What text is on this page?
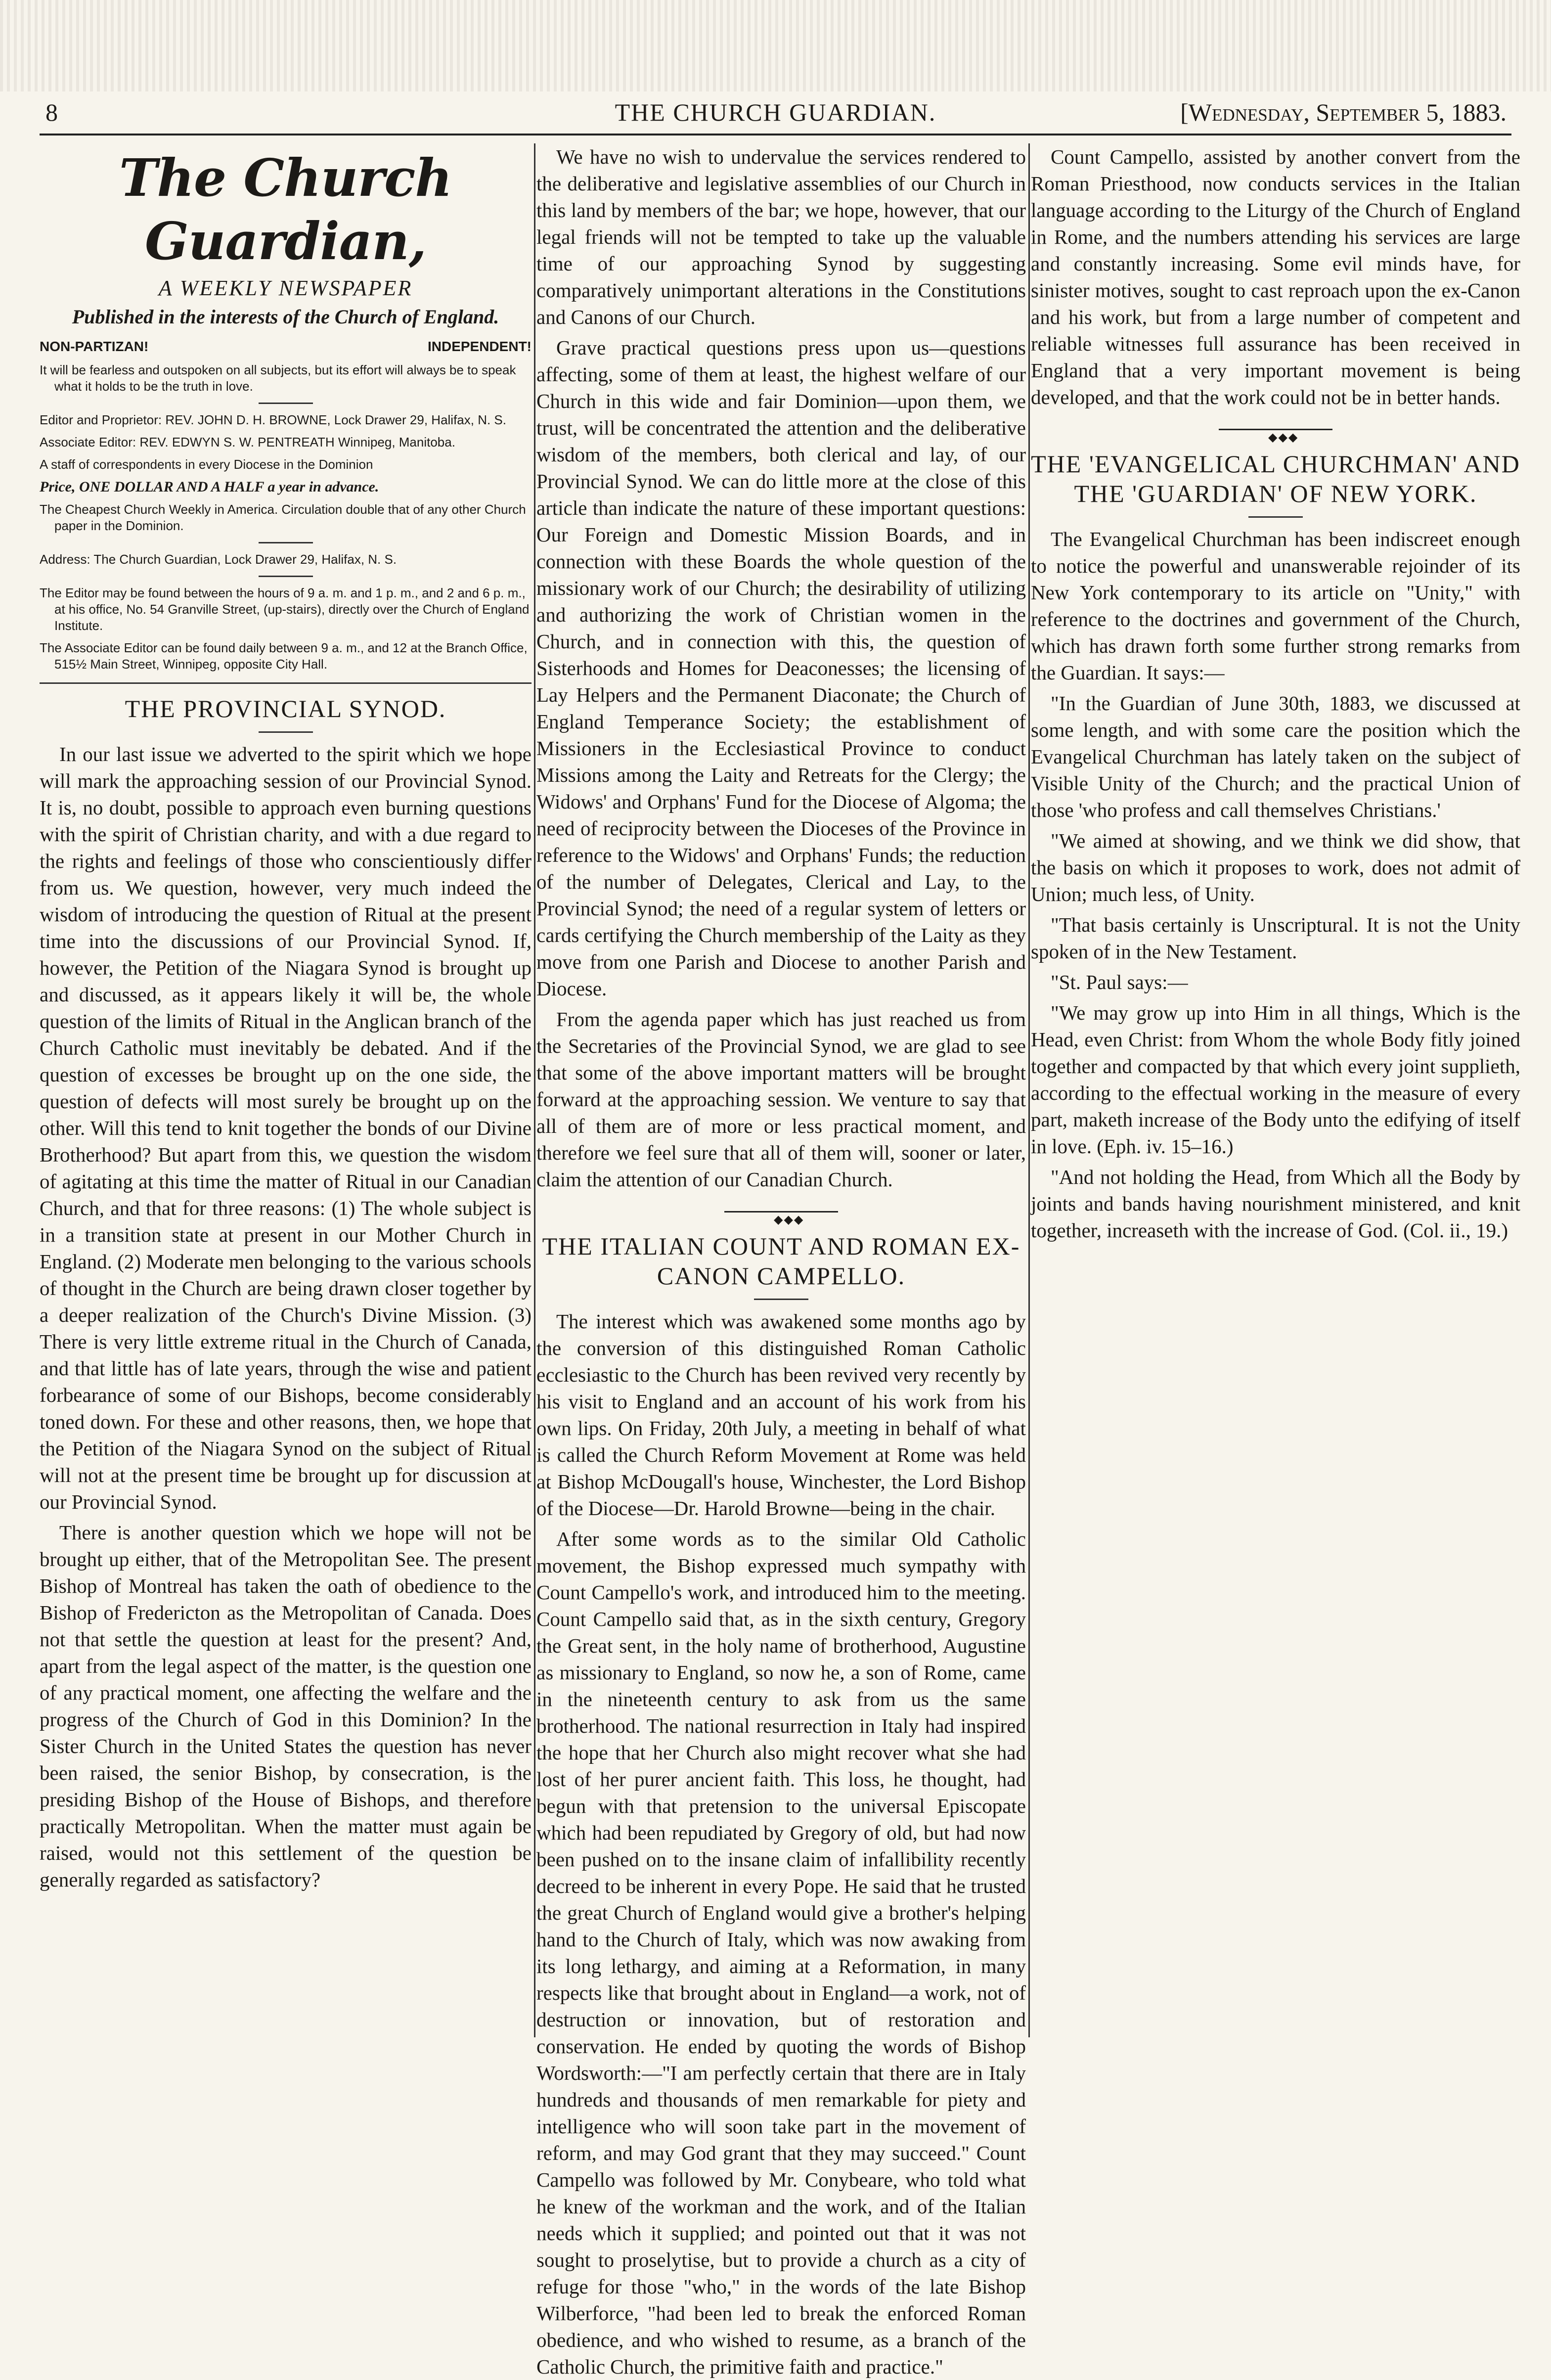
8	THE CHURCH GUARDIAN.	[Wednesday, September 5, 1883.
The Church Guardian,
A WEEKLY NEWSPAPER
Published in the interests of the Church of England.
NON-PARTIZAN!	INDEPENDENT!
It will be fearless and outspoken on all subjects, but its effort will always be to speak what it holds to be the truth in love.
Editor and Proprietor: REV. JOHN D. H. BROWNE, Lock Drawer 29, Halifax, N. S.
Associate Editor: REV. EDWYN S. W. PENTREATH Winnipeg, Manitoba.
A staff of correspondents in every Diocese in the Dominion
Price, ONE DOLLAR AND A HALF a year in advance.
The Cheapest Church Weekly in America. Circulation double that of any other Church paper in the Dominion.
Address: The Church Guardian, Lock Drawer 29, Halifax, N. S.
The Editor may be found between the hours of 9 a. m. and 1 p. m., and 2 and 6 p. m., at his office, No. 54 Granville Street, (up-stairs), directly over the Church of England Institute.
The Associate Editor can be found daily between 9 a. m., and 12 at the Branch Office, 515½ Main Street, Winnipeg, opposite City Hall.
THE PROVINCIAL SYNOD.

In our last issue we adverted to the spirit which we hope will mark the approaching session of our Provincial Synod. It is, no doubt, possible to approach even burning questions with the spirit of Christian charity, and with a due regard to the rights and feelings of those who conscientiously differ from us. We question, however, very much indeed the wisdom of introducing the question of Ritual at the present time into the discussions of our Provincial Synod. If, however, the Petition of the Niagara Synod is brought up and discussed, as it appears likely it will be, the whole question of the limits of Ritual in the Anglican branch of the Church Catholic must inevitably be debated. And if the question of excesses be brought up on the one side, the question of defects will most surely be brought up on the other. Will this tend to knit together the bonds of our Divine Brotherhood? But apart from this, we question the wisdom of agitating at this time the matter of Ritual in our Canadian Church, and that for three reasons: (1) The whole subject is in a transition state at present in our Mother Church in England. (2) Moderate men belonging to the various schools of thought in the Church are being drawn closer together by a deeper realization of the Church's Divine Mission. (3) There is very little extreme ritual in the Church of Canada, and that little has of late years, through the wise and patient forbearance of some of our Bishops, become considerably toned down. For these and other reasons, then, we hope that the Petition of the Niagara Synod on the subject of Ritual will not at the present time be brought up for discussion at our Provincial Synod.

There is another question which we hope will not be brought up either, that of the Metropolitan See. The present Bishop of Montreal has taken the oath of obedience to the Bishop of Fredericton as the Metropolitan of Canada. Does not that settle the question at least for the present? And, apart from the legal aspect of the matter, is the question one of any practical moment, one affecting the welfare and the progress of the Church of God in this Dominion? In the Sister Church in the United States the question has never been raised, the senior Bishop, by consecration, is the presiding Bishop of the House of Bishops, and therefore practically Metropolitan. When the matter must again be raised, would not this settlement of the question be generally regarded as satisfactory?

We have no wish to undervalue the services rendered to the deliberative and legislative assemblies of our Church in this land by members of the bar; we hope, however, that our legal friends will not be tempted to take up the valuable time of our approaching Synod by suggesting comparatively unimportant alterations in the Constitutions and Canons of our Church.

Grave practical questions press upon us—questions affecting, some of them at least, the highest welfare of our Church in this wide and fair Dominion—upon them, we trust, will be concentrated the attention and the deliberative wisdom of the members, both clerical and lay, of our Provincial Synod. We can do little more at the close of this article than indicate the nature of these important questions: Our Foreign and Domestic Mission Boards, and in connection with these Boards the whole question of the missionary work of our Church; the desirability of utilizing and authorizing the work of Christian women in the Church, and in connection with this, the question of Sisterhoods and Homes for Deaconesses; the licensing of Lay Helpers and the Permanent Diaconate; the Church of England Temperance Society; the establishment of Missioners in the Ecclesiastical Province to conduct Missions among the Laity and Retreats for the Clergy; the Widows' and Orphans' Fund for the Diocese of Algoma; the need of reciprocity between the Dioceses of the Province in reference to the Widows' and Orphans' Funds; the reduction of the number of Delegates, Clerical and Lay, to the Provincial Synod; the need of a regular system of letters or cards certifying the Church membership of the Laity as they move from one Parish and Diocese to another Parish and Diocese.

From the agenda paper which has just reached us from the Secretaries of the Provincial Synod, we are glad to see that some of the above important matters will be brought forward at the approaching session. We venture to say that all of them are of more or less practical moment, and therefore we feel sure that all of them will, sooner or later, claim the attention of our Canadian Church.

◆◆◆
THE ITALIAN COUNT AND ROMAN EX-CANON CAMPELLO.

The interest which was awakened some months ago by the conversion of this distinguished Roman Catholic ecclesiastic to the Church has been revived very recently by his visit to England and an account of his work from his own lips. On Friday, 20th July, a meeting in behalf of what is called the Church Reform Movement at Rome was held at Bishop McDougall's house, Winchester, the Lord Bishop of the Diocese—Dr. Harold Browne—being in the chair.

After some words as to the similar Old Catholic movement, the Bishop expressed much sympathy with Count Campello's work, and introduced him to the meeting. Count Campello said that, as in the sixth century, Gregory the Great sent, in the holy name of brotherhood, Augustine as missionary to England, so now he, a son of Rome, came in the nineteenth century to ask from us the same brotherhood. The national resurrection in Italy had inspired the hope that her Church also might recover what she had lost of her purer ancient faith. This loss, he thought, had begun with that pretension to the universal Episcopate which had been repudiated by Gregory of old, but had now been pushed on to the insane claim of infallibility recently decreed to be inherent in every Pope. He said that he trusted the great Church of England would give a brother's helping hand to the Church of Italy, which was now awaking from its long lethargy, and aiming at a Reformation, in many respects like that brought about in England—a work, not of destruction or innovation, but of restoration and conservation. He ended by quoting the words of Bishop Wordsworth:—"I am perfectly certain that there are in Italy hundreds and thousands of men remarkable for piety and intelligence who will soon take part in the movement of reform, and may God grant that they may succeed." Count Campello was followed by Mr. Conybeare, who told what he knew of the workman and the work, and of the Italian needs which it supplied; and pointed out that it was not sought to proselytise, but to provide a church as a city of refuge for those "who," in the words of the late Bishop Wilberforce, "had been led to break the enforced Roman obedience, and who wished to resume, as a branch of the Catholic Church, the primitive faith and practice."

Count Campello, assisted by another convert from the Roman Priesthood, now conducts services in the Italian language according to the Liturgy of the Church of England in Rome, and the numbers attending his services are large and constantly increasing. Some evil minds have, for sinister motives, sought to cast reproach upon the ex-Canon and his work, but from a large number of competent and reliable witnesses full assurance has been received in England that a very important movement is being developed, and that the work could not be in better hands.

◆◆◆
THE 'EVANGELICAL CHURCHMAN' AND THE 'GUARDIAN' OF NEW YORK.

The Evangelical Churchman has been indiscreet enough to notice the powerful and unanswerable rejoinder of its New York contemporary to its article on "Unity," with reference to the doctrines and government of the Church, which has drawn forth some further strong remarks from the Guardian. It says:—

"In the Guardian of June 30th, 1883, we discussed at some length, and with some care the position which the Evangelical Churchman has lately taken on the subject of Visible Unity of the Church; and the practical Union of those 'who profess and call themselves Christians.'

"We aimed at showing, and we think we did show, that the basis on which it proposes to work, does not admit of Union; much less, of Unity.

"That basis certainly is Unscriptural. It is not the Unity spoken of in the New Testament.

"St. Paul says:—

"We may grow up into Him in all things, Which is the Head, even Christ: from Whom the whole Body fitly joined together and compacted by that which every joint supplieth, according to the effectual working in the measure of every part, maketh increase of the Body unto the edifying of itself in love. (Eph. iv. 15–16.)

"And not holding the Head, from Which all the Body by joints and bands having nourishment ministered, and knit together, increaseth with the increase of God. (Col. ii., 19.)
